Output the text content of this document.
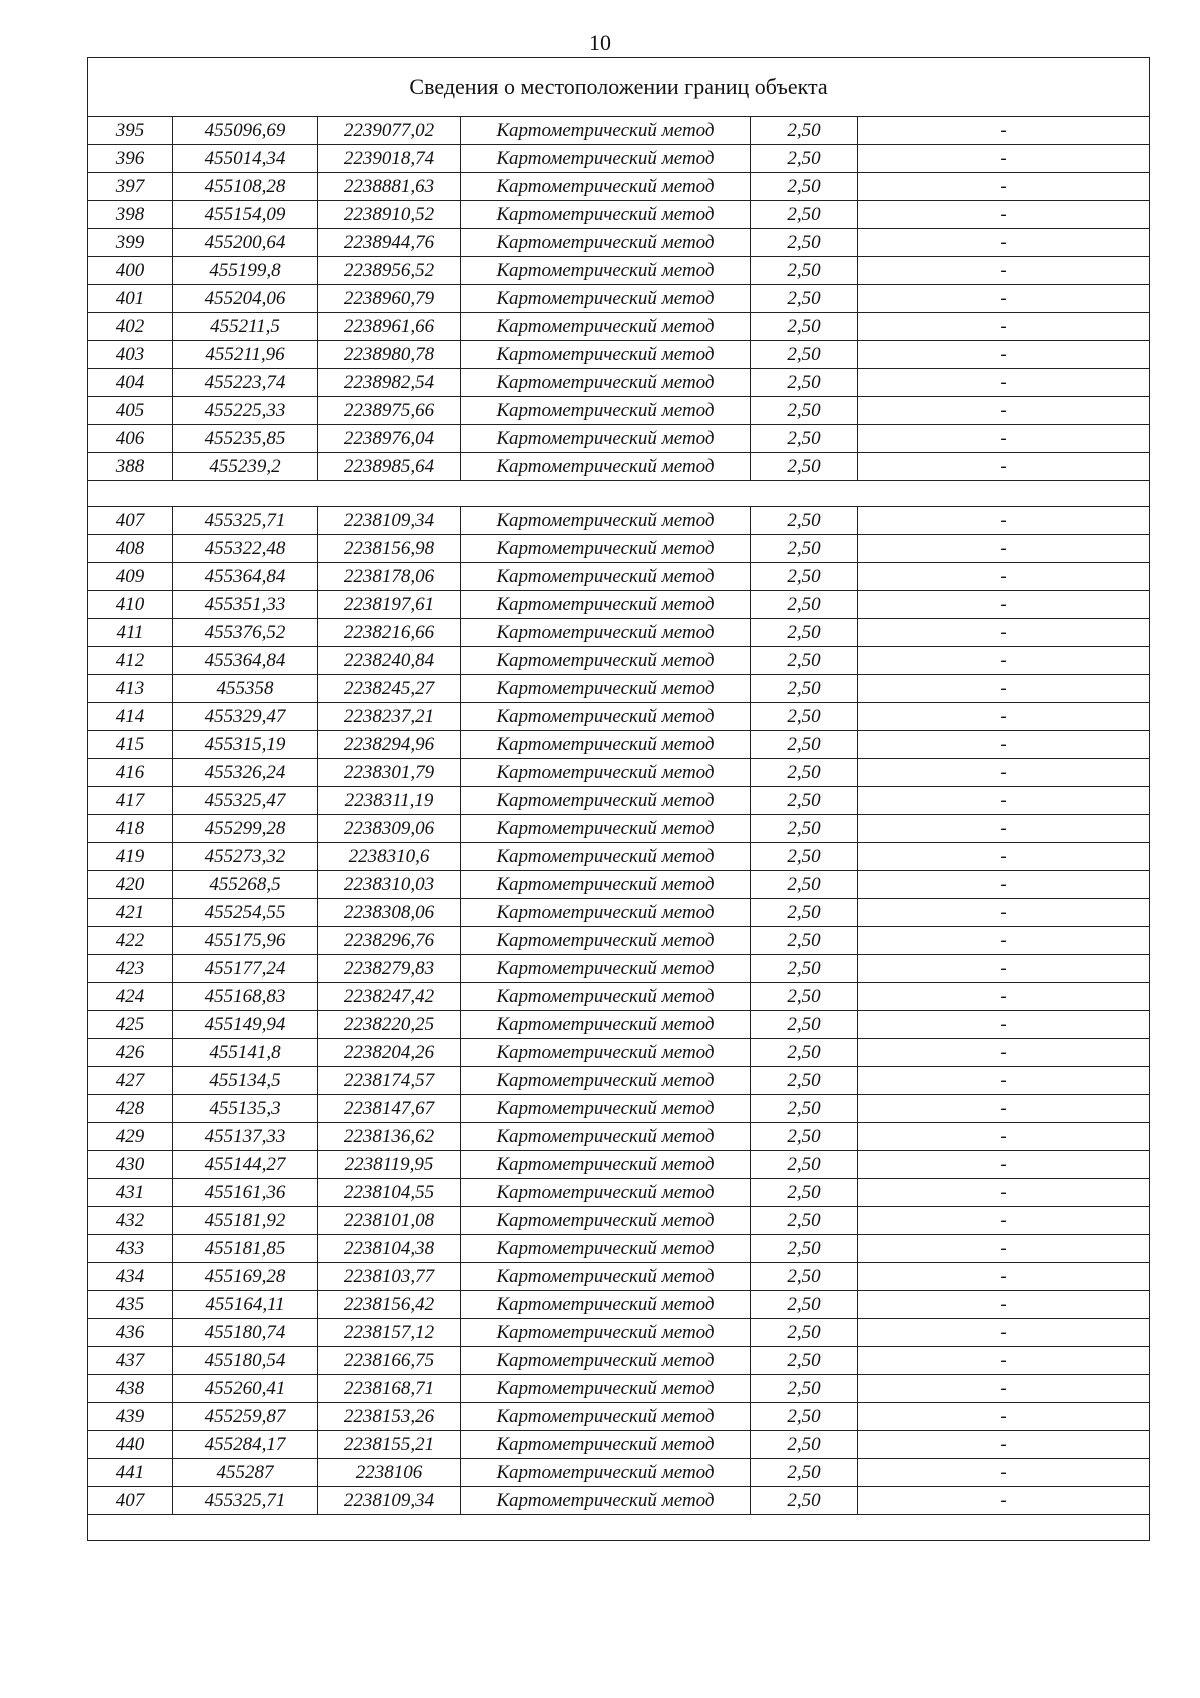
10
Сведения о местоположении границ объекта					
395	455096,69	2239077,02	Картометрический метод	2,50	-
396	455014,34	2239018,74	Картометрический метод	2,50	-
397	455108,28	2238881,63	Картометрический метод	2,50	-
398	455154,09	2238910,52	Картометрический метод	2,50	-
399	455200,64	2238944,76	Картометрический метод	2,50	-
400	455199,8	2238956,52	Картометрический метод	2,50	-
401	455204,06	2238960,79	Картометрический метод	2,50	-
402	455211,5	2238961,66	Картометрический метод	2,50	-
403	455211,96	2238980,78	Картометрический метод	2,50	-
404	455223,74	2238982,54	Картометрический метод	2,50	-
405	455225,33	2238975,66	Картометрический метод	2,50	-
406	455235,85	2238976,04	Картометрический метод	2,50	-
388	455239,2	2238985,64	Картометрический метод	2,50	-

407	455325,71	2238109,34	Картометрический метод	2,50	-
408	455322,48	2238156,98	Картометрический метод	2,50	-
409	455364,84	2238178,06	Картометрический метод	2,50	-
410	455351,33	2238197,61	Картометрический метод	2,50	-
411	455376,52	2238216,66	Картометрический метод	2,50	-
412	455364,84	2238240,84	Картометрический метод	2,50	-
413	455358	2238245,27	Картометрический метод	2,50	-
414	455329,47	2238237,21	Картометрический метод	2,50	-
415	455315,19	2238294,96	Картометрический метод	2,50	-
416	455326,24	2238301,79	Картометрический метод	2,50	-
417	455325,47	2238311,19	Картометрический метод	2,50	-
418	455299,28	2238309,06	Картометрический метод	2,50	-
419	455273,32	2238310,6	Картометрический метод	2,50	-
420	455268,5	2238310,03	Картометрический метод	2,50	-
421	455254,55	2238308,06	Картометрический метод	2,50	-
422	455175,96	2238296,76	Картометрический метод	2,50	-
423	455177,24	2238279,83	Картометрический метод	2,50	-
424	455168,83	2238247,42	Картометрический метод	2,50	-
425	455149,94	2238220,25	Картометрический метод	2,50	-
426	455141,8	2238204,26	Картометрический метод	2,50	-
427	455134,5	2238174,57	Картометрический метод	2,50	-
428	455135,3	2238147,67	Картометрический метод	2,50	-
429	455137,33	2238136,62	Картометрический метод	2,50	-
430	455144,27	2238119,95	Картометрический метод	2,50	-
431	455161,36	2238104,55	Картометрический метод	2,50	-
432	455181,92	2238101,08	Картометрический метод	2,50	-
433	455181,85	2238104,38	Картометрический метод	2,50	-
434	455169,28	2238103,77	Картометрический метод	2,50	-
435	455164,11	2238156,42	Картометрический метод	2,50	-
436	455180,74	2238157,12	Картометрический метод	2,50	-
437	455180,54	2238166,75	Картометрический метод	2,50	-
438	455260,41	2238168,71	Картометрический метод	2,50	-
439	455259,87	2238153,26	Картометрический метод	2,50	-
440	455284,17	2238155,21	Картометрический метод	2,50	-
441	455287	2238106	Картометрический метод	2,50	-
407	455325,71	2238109,34	Картометрический метод	2,50	-
